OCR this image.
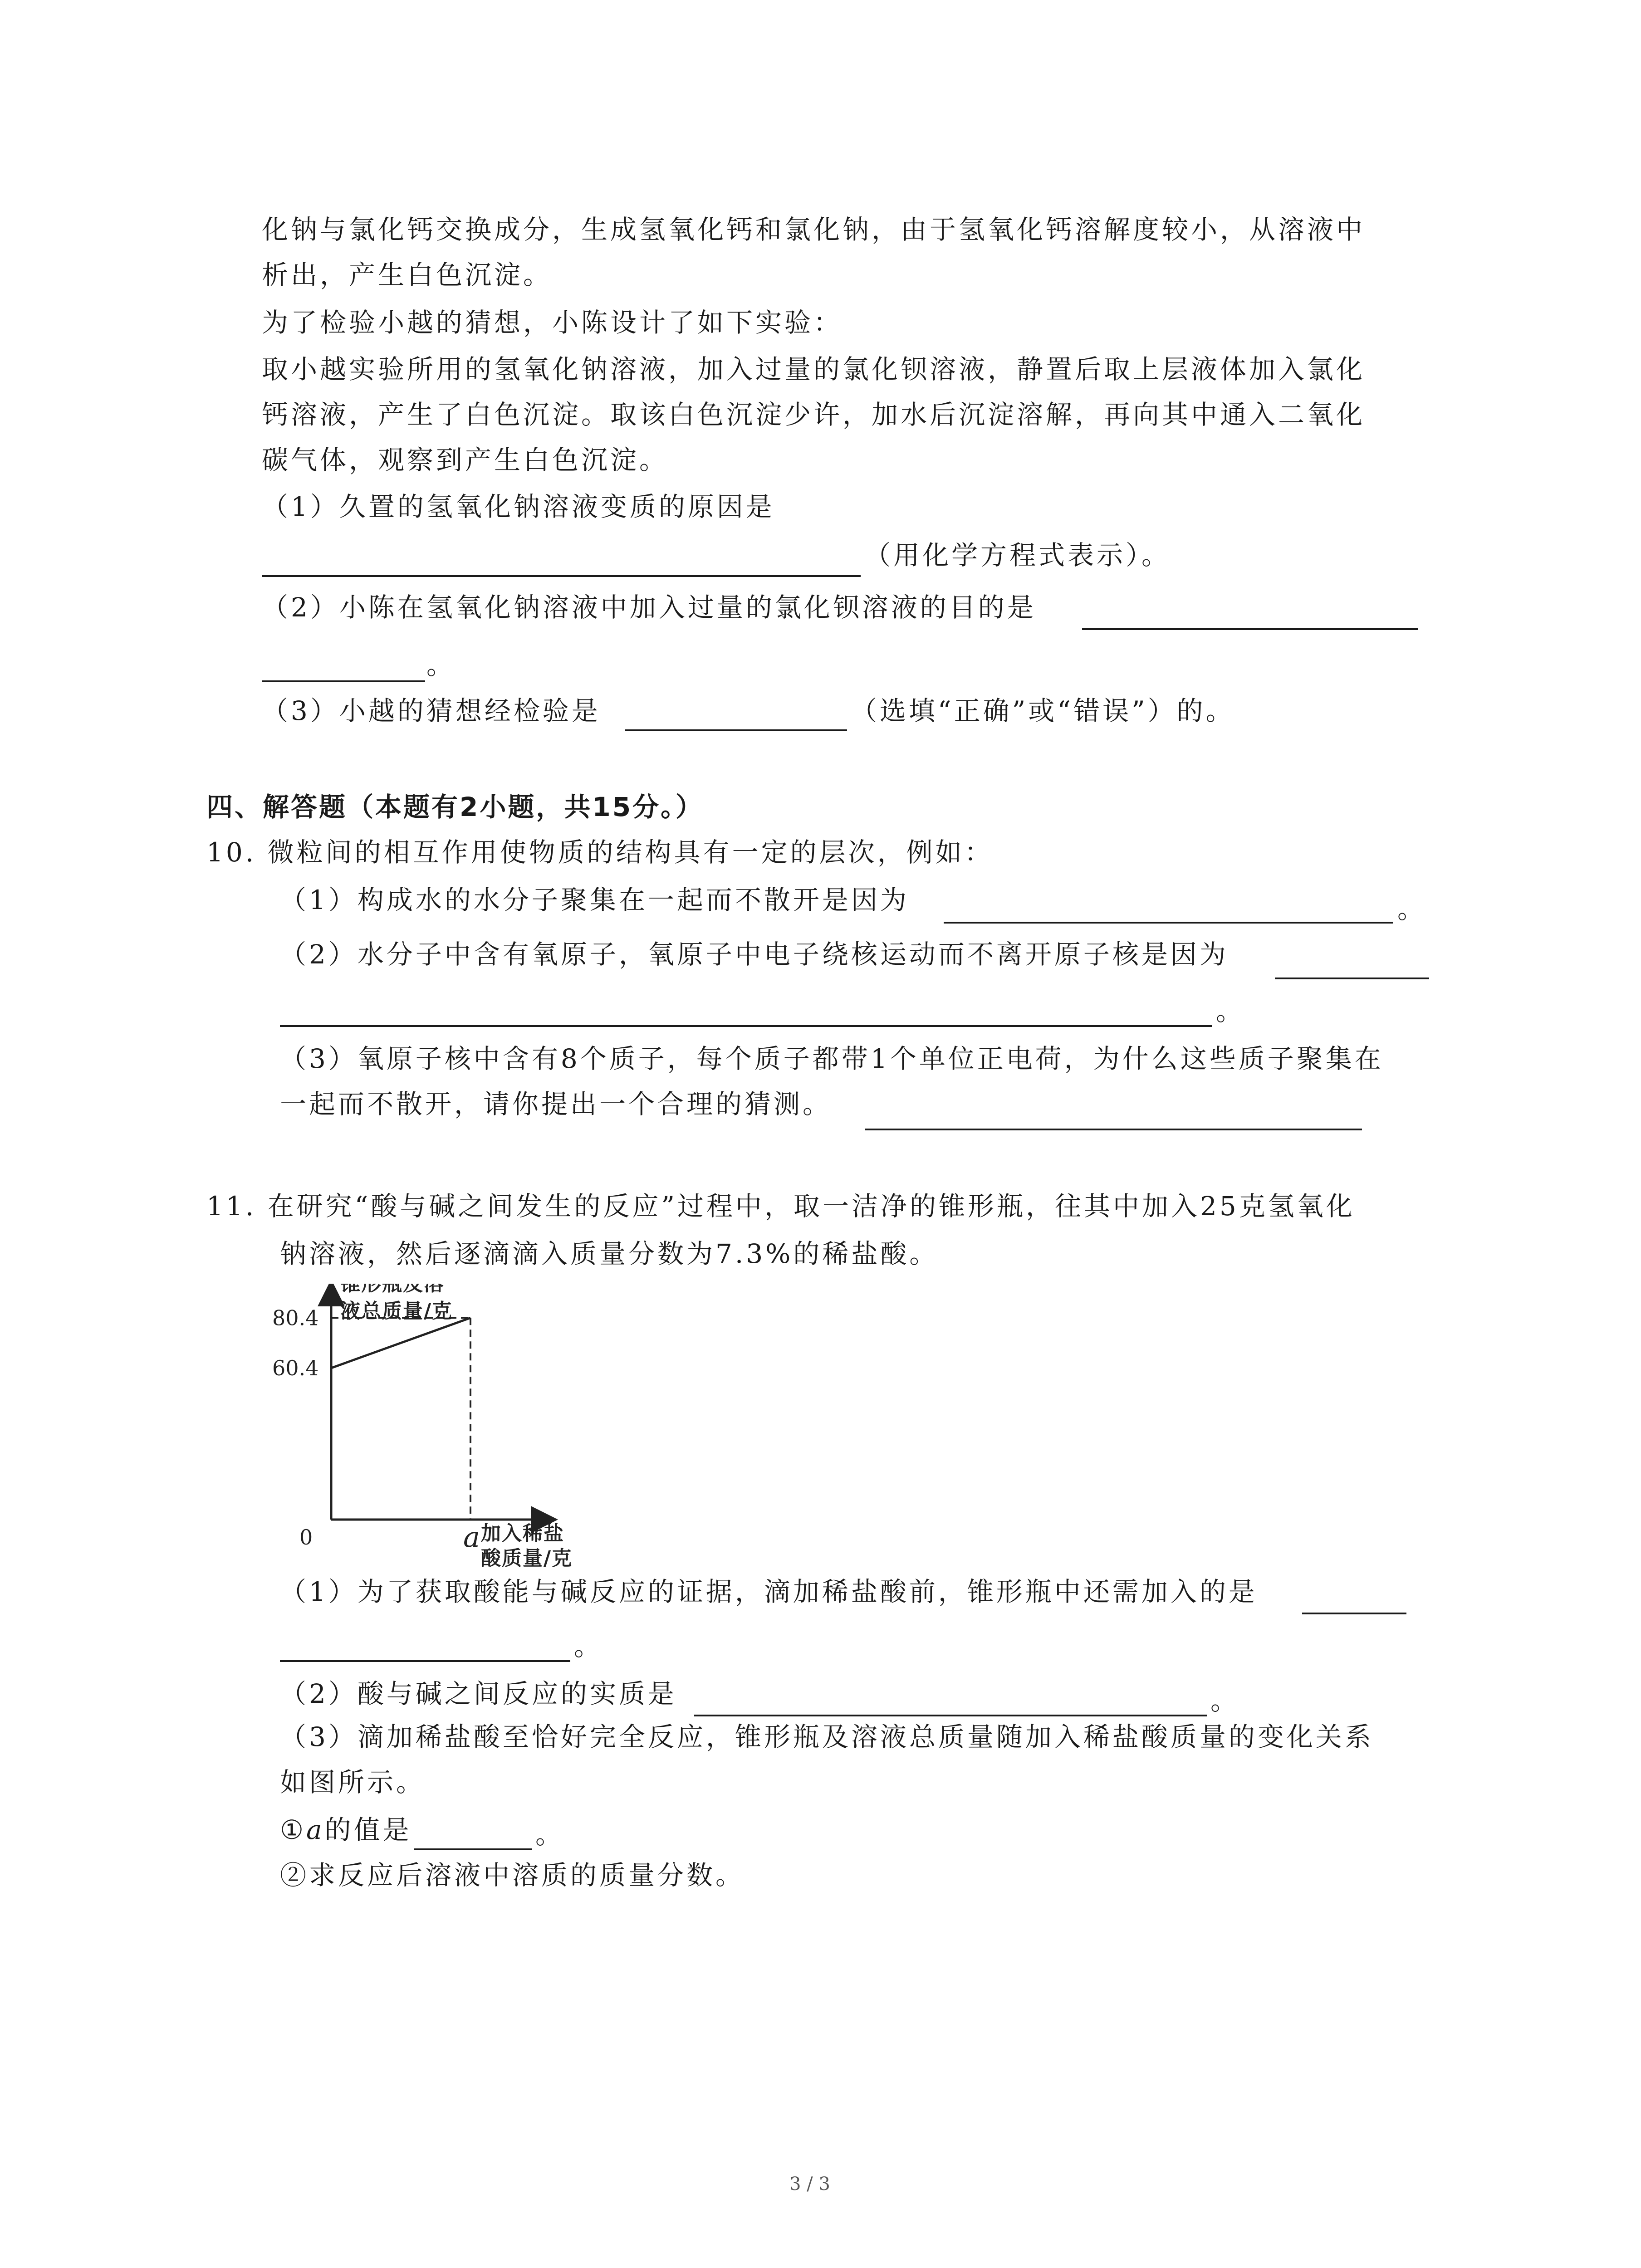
化钠与氯化钙交换成分，生成氢氧化钙和氯化钠，由于氢氧化钙溶解度较小，从溶液中
析出，产生白色沉淀。
为了检验小越的猜想，小陈设计了如下实验：
取小越实验所用的氢氧化钠溶液，加入过量的氯化钡溶液，静置后取上层液体加入氯化
钙溶液，产生了白色沉淀。取该白色沉淀少许，加水后沉淀溶解，再向其中通入二氧化
碳气体，观察到产生白色沉淀。
（1）久置的氢氧化钠溶液变质的原因是
（用化学方程式表示）。
（2）小陈在氢氧化钠溶液中加入过量的氯化钡溶液的目的是
。
（3）小越的猜想经检验是	（选填“正确”或“错误”）的。
四、解答题（本题有2小题，共15分。）
10. 微粒间的相互作用使物质的结构具有一定的层次，例如：
（1）构成水的水分子聚集在一起而不散开是因为	。
（2）水分子中含有氧原子，氧原子中电子绕核运动而不离开原子核是因为
。
（3）氧原子核中含有8个质子，每个质子都带1个单位正电荷，为什么这些质子聚集在
一起而不散开，请你提出一个合理的猜测。
11. 在研究“酸与碱之间发生的反应”过程中，取一洁净的锥形瓶，往其中加入25克氢氧化
钠溶液，然后逐滴滴入质量分数为7.3%的稀盐酸。
80.4
60.4
a
锥形瓶及溶
液总质量/克
加入稀盐
酸质量/克
0
（1）为了获取酸能与碱反应的证据，滴加稀盐酸前，锥形瓶中还需加入的是
。
（2）酸与碱之间反应的实质是	。
（3）滴加稀盐酸至恰好完全反应，锥形瓶及溶液总质量随加入稀盐酸质量的变化关系
如图所示。
①a的值是	。
②求反应后溶液中溶质的质量分数。
3 / 3
